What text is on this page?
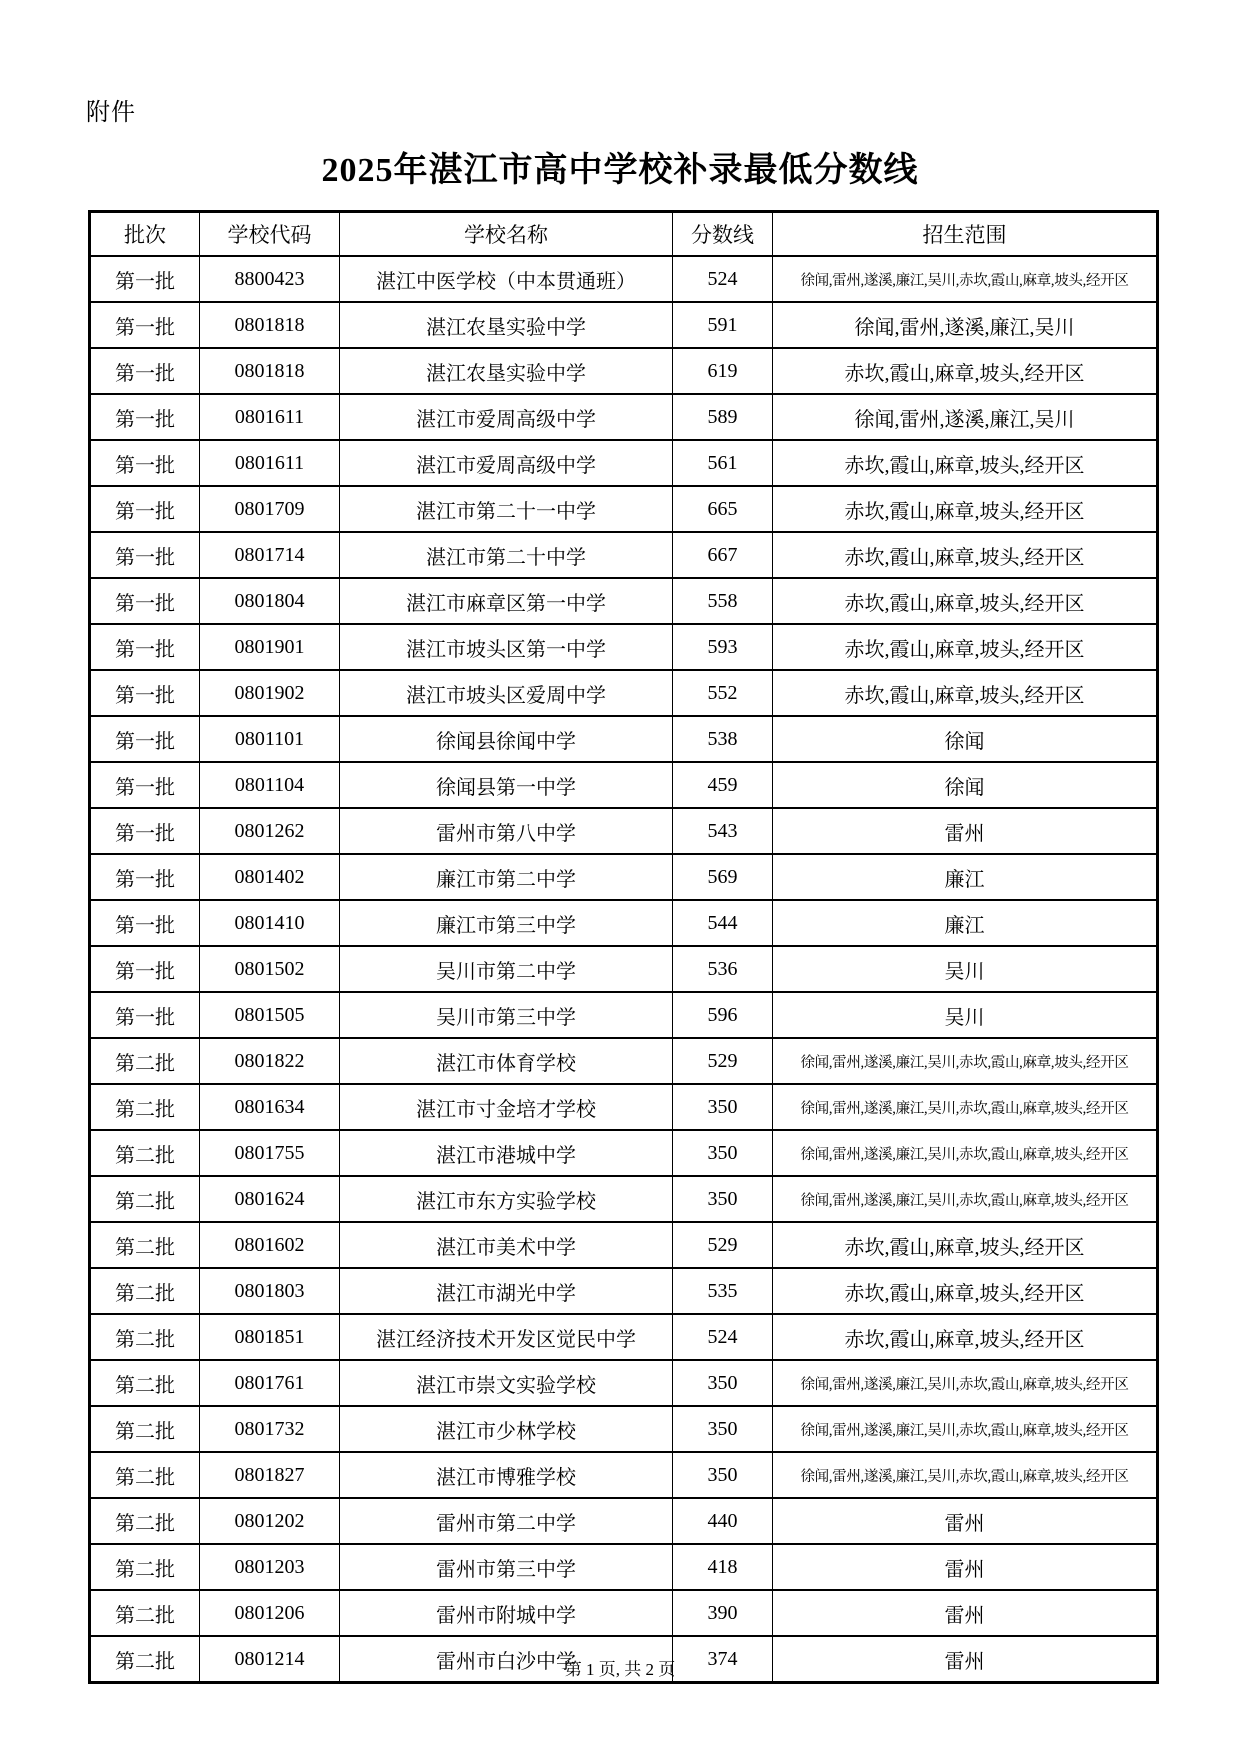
附件
2025年湛江市高中学校补录最低分数线
批次	学校代码	学校名称	分数线	招生范围
第一批	8800423	湛江中医学校（中本贯通班）	524	徐闻,雷州,遂溪,廉江,吴川,赤坎,霞山,麻章,坡头,经开区
第一批	0801818	湛江农垦实验中学	591	徐闻,雷州,遂溪,廉江,吴川
第一批	0801818	湛江农垦实验中学	619	赤坎,霞山,麻章,坡头,经开区
第一批	0801611	湛江市爱周高级中学	589	徐闻,雷州,遂溪,廉江,吴川
第一批	0801611	湛江市爱周高级中学	561	赤坎,霞山,麻章,坡头,经开区
第一批	0801709	湛江市第二十一中学	665	赤坎,霞山,麻章,坡头,经开区
第一批	0801714	湛江市第二十中学	667	赤坎,霞山,麻章,坡头,经开区
第一批	0801804	湛江市麻章区第一中学	558	赤坎,霞山,麻章,坡头,经开区
第一批	0801901	湛江市坡头区第一中学	593	赤坎,霞山,麻章,坡头,经开区
第一批	0801902	湛江市坡头区爱周中学	552	赤坎,霞山,麻章,坡头,经开区
第一批	0801101	徐闻县徐闻中学	538	徐闻
第一批	0801104	徐闻县第一中学	459	徐闻
第一批	0801262	雷州市第八中学	543	雷州
第一批	0801402	廉江市第二中学	569	廉江
第一批	0801410	廉江市第三中学	544	廉江
第一批	0801502	吴川市第二中学	536	吴川
第一批	0801505	吴川市第三中学	596	吴川
第二批	0801822	湛江市体育学校	529	徐闻,雷州,遂溪,廉江,吴川,赤坎,霞山,麻章,坡头,经开区
第二批	0801634	湛江市寸金培才学校	350	徐闻,雷州,遂溪,廉江,吴川,赤坎,霞山,麻章,坡头,经开区
第二批	0801755	湛江市港城中学	350	徐闻,雷州,遂溪,廉江,吴川,赤坎,霞山,麻章,坡头,经开区
第二批	0801624	湛江市东方实验学校	350	徐闻,雷州,遂溪,廉江,吴川,赤坎,霞山,麻章,坡头,经开区
第二批	0801602	湛江市美术中学	529	赤坎,霞山,麻章,坡头,经开区
第二批	0801803	湛江市湖光中学	535	赤坎,霞山,麻章,坡头,经开区
第二批	0801851	湛江经济技术开发区觉民中学	524	赤坎,霞山,麻章,坡头,经开区
第二批	0801761	湛江市崇文实验学校	350	徐闻,雷州,遂溪,廉江,吴川,赤坎,霞山,麻章,坡头,经开区
第二批	0801732	湛江市少林学校	350	徐闻,雷州,遂溪,廉江,吴川,赤坎,霞山,麻章,坡头,经开区
第二批	0801827	湛江市博雅学校	350	徐闻,雷州,遂溪,廉江,吴川,赤坎,霞山,麻章,坡头,经开区
第二批	0801202	雷州市第二中学	440	雷州
第二批	0801203	雷州市第三中学	418	雷州
第二批	0801206	雷州市附城中学	390	雷州
第二批	0801214	雷州市白沙中学	374	雷州
第 1 页, 共 2 页
